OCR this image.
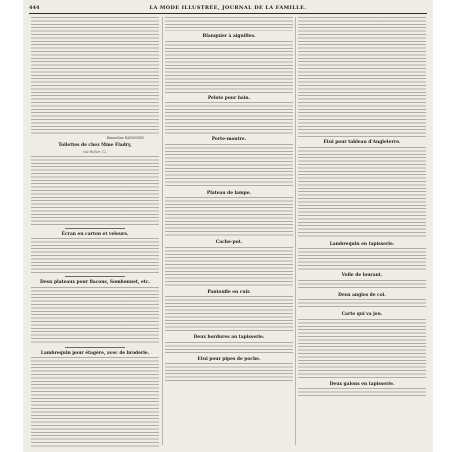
444	LA MODE ILLUSTRÉE, JOURNAL DE LA FAMILLE.
Emmeline RAYMOND.
Toilettes de chez Mme Fladry,
rue Richer, 12.
Écran en carton et velours.
Deux plateaux pour flacons, Sombonnet, etc.
Lambrequin pour étagère, avec de broderie.
Blanquier à aiguilles.
Pelote pour bain.
Porte-montre.
Plateau de lampe.
Cache-pot.
Pantoufle en cuir.
Deux bordures au tapisserie.
Etui pour pipes de poche.
Étui pour tableau d'Angleterre.
Lambrequin en tapisserie.
Voile de lourant.
Deux angles de coi.
Carte qui va jou.
Deux galons en tapisserie.
